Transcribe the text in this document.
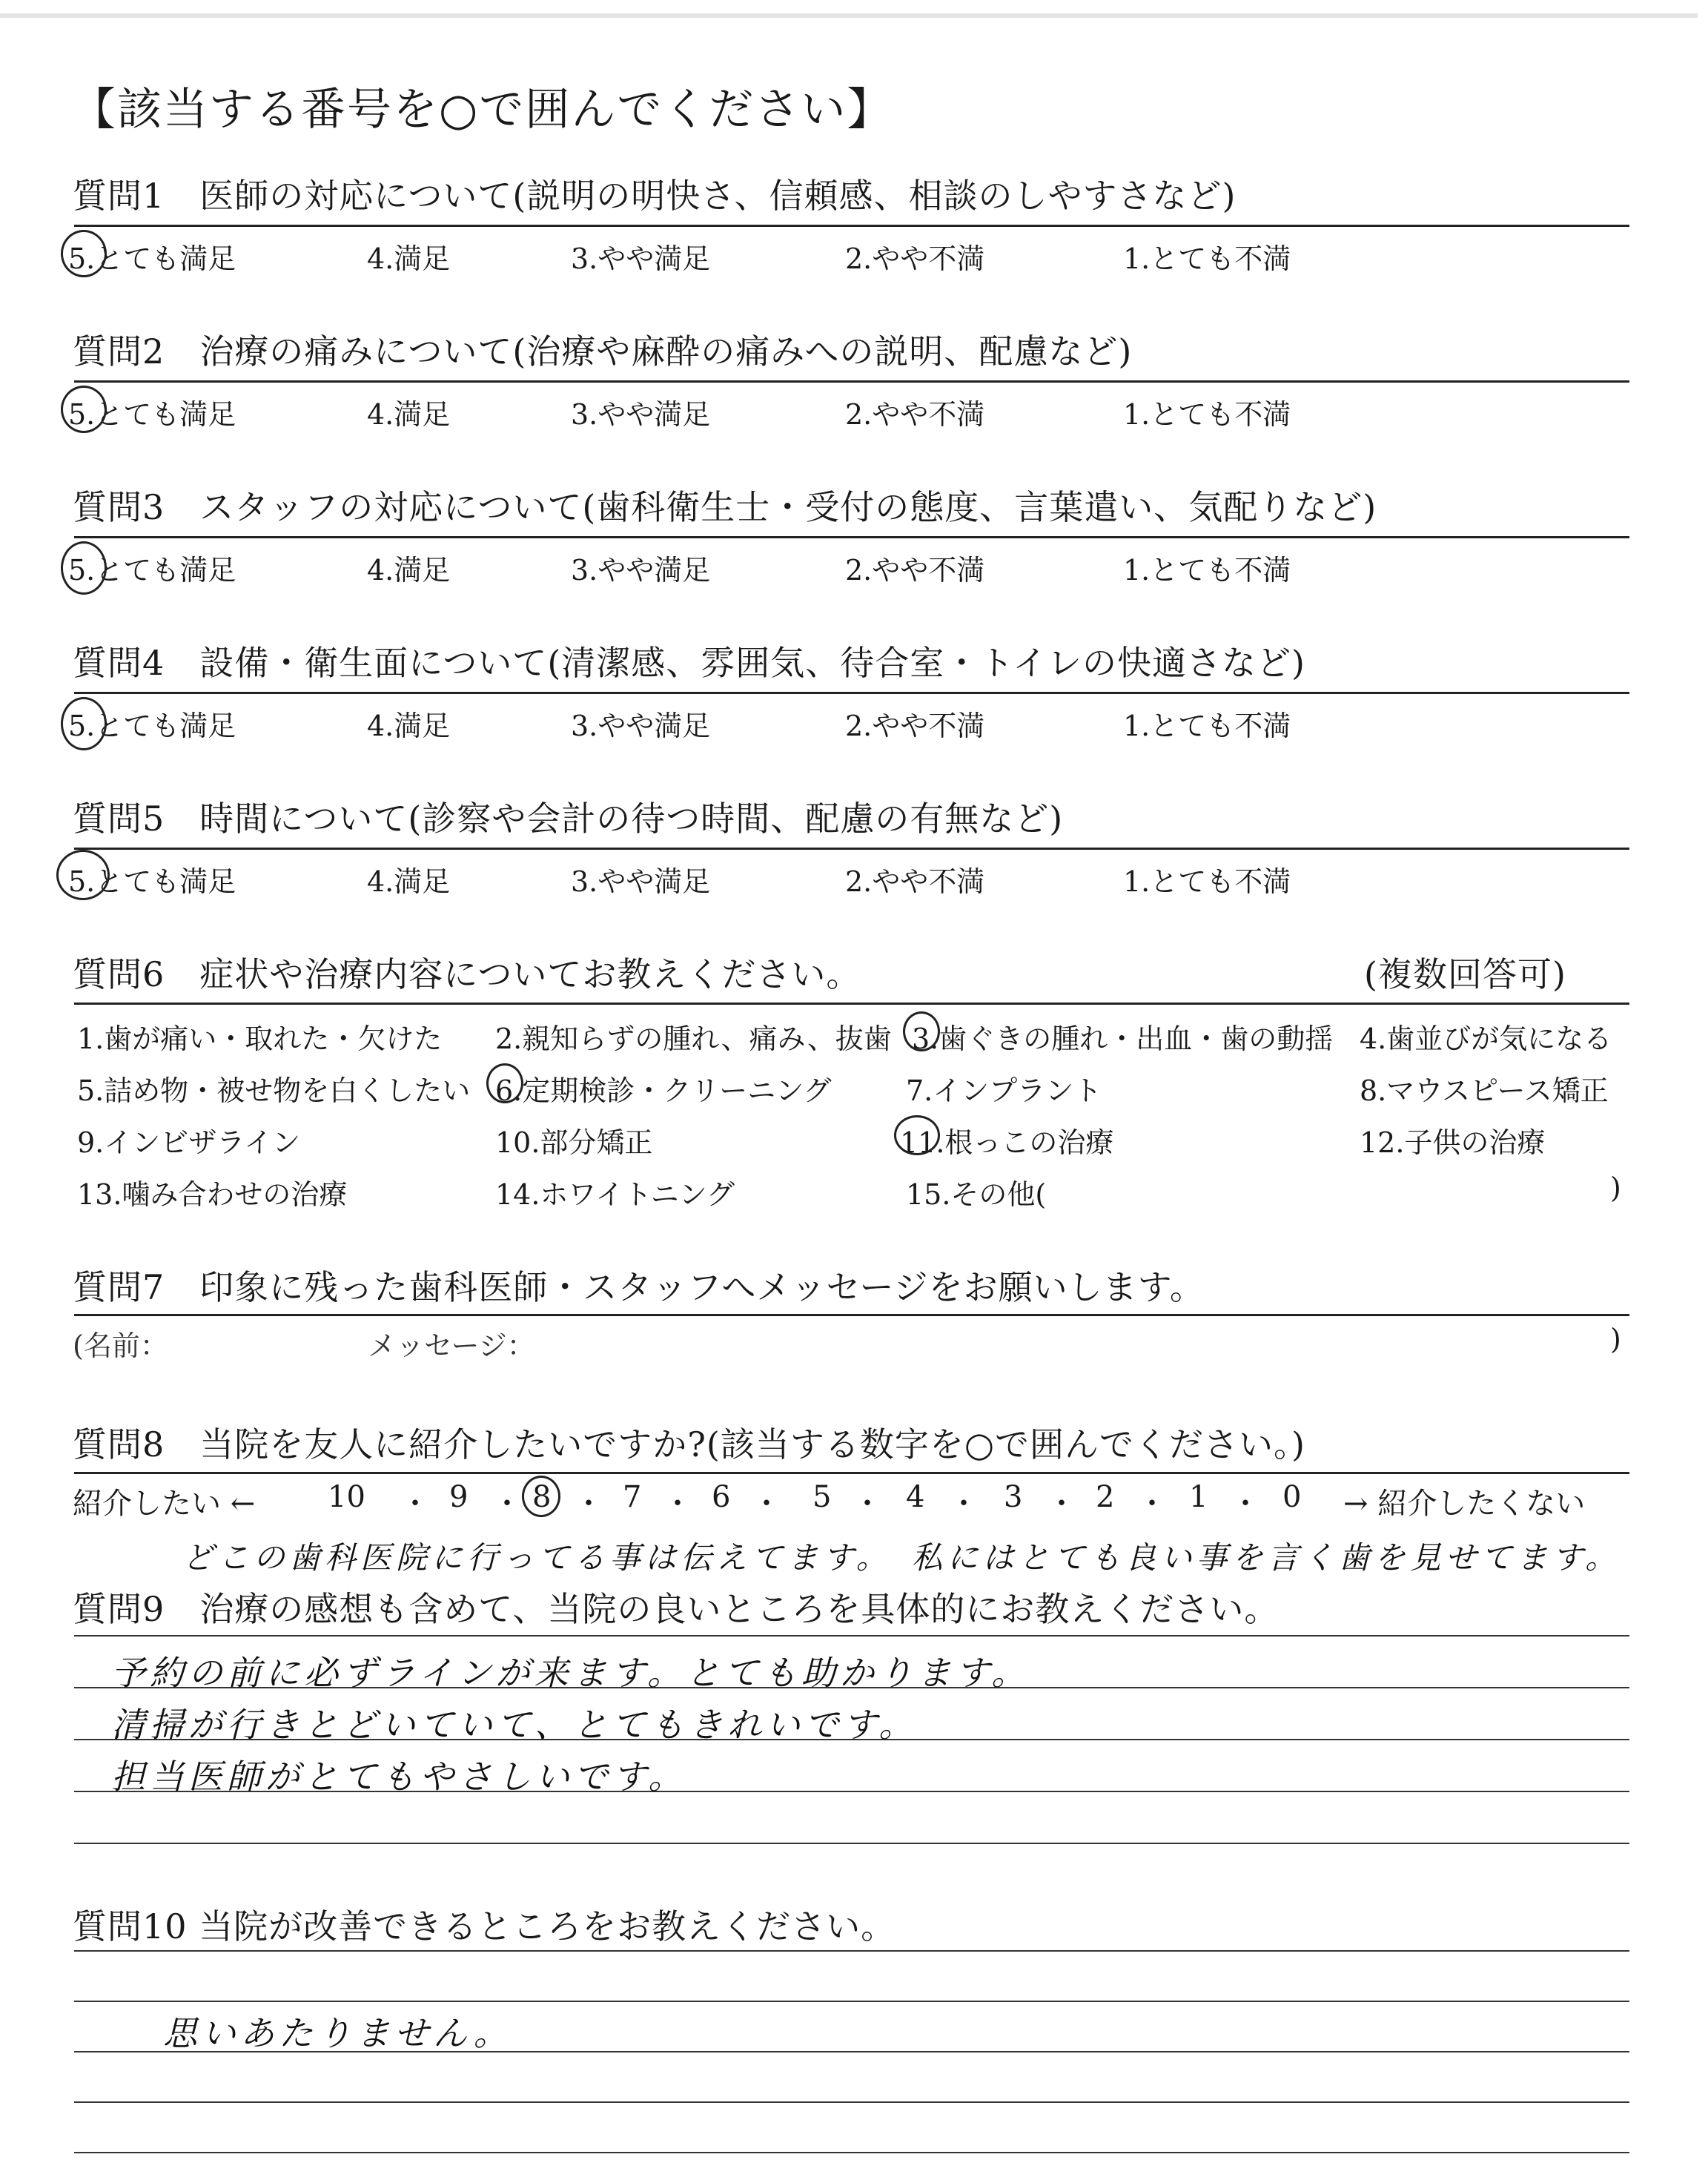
【該当する番号を○で囲んでください】
質問1　医師の対応について(説明の明快さ、信頼感、相談のしやすさなど)
5.とても満足	4.満足	3.やや満足	2.やや不満	1.とても不満
質問2　治療の痛みについて(治療や麻酔の痛みへの説明、配慮など)
5.とても満足	4.満足	3.やや満足	2.やや不満	1.とても不満
質問3　スタッフの対応について(歯科衛生士・受付の態度、言葉遣い、気配りなど)
5.とても満足	4.満足	3.やや満足	2.やや不満	1.とても不満
質問4　設備・衛生面について(清潔感、雰囲気、待合室・トイレの快適さなど)
5.とても満足	4.満足	3.やや満足	2.やや不満	1.とても不満
質問5　時間について(診察や会計の待つ時間、配慮の有無など)
5.とても満足	4.満足	3.やや満足	2.やや不満	1.とても不満
質問6　症状や治療内容についてお教えください。	(複数回答可)
1.歯が痛い・取れた・欠けた 2.親知らずの腫れ、痛み、抜歯 3.歯ぐきの腫れ・出血・歯の動揺 4.歯並びが気になる
5.詰め物・被せ物を白くしたい 6.定期検診・クリーニング	7.インプラント	8.マウスピース矯正
9.インビザライン	10.部分矯正	11.根っこの治療	12.子供の治療
13.噛み合わせの治療	14.ホワイトニング	15.その他(	)
質問7　印象に残った歯科医師・スタッフへメッセージをお願いします。
(名前：	メッセージ：	)
質問8　当院を友人に紹介したいですか?(該当する数字を○で囲んでください。)
紹介したい ← 10 ・ 9 ・ 8 ・ 7 ・ 6 ・ 5 ・ 4 ・ 3 ・ 2 ・ 1 ・ 0 → 紹介したくない
どこの歯科医院に行ってる事は伝えてます。　私にはとても良い事を言く歯を見せてます。
質問9　治療の感想も含めて、当院の良いところを具体的にお教えください。
予約の前に必ずラインが来ます。とても助かります。
清掃が行きとどいていて、とてもきれいです。
担当医師がとてもやさしいです。
質問10 当院が改善できるところをお教えください。
思いあたりません。
